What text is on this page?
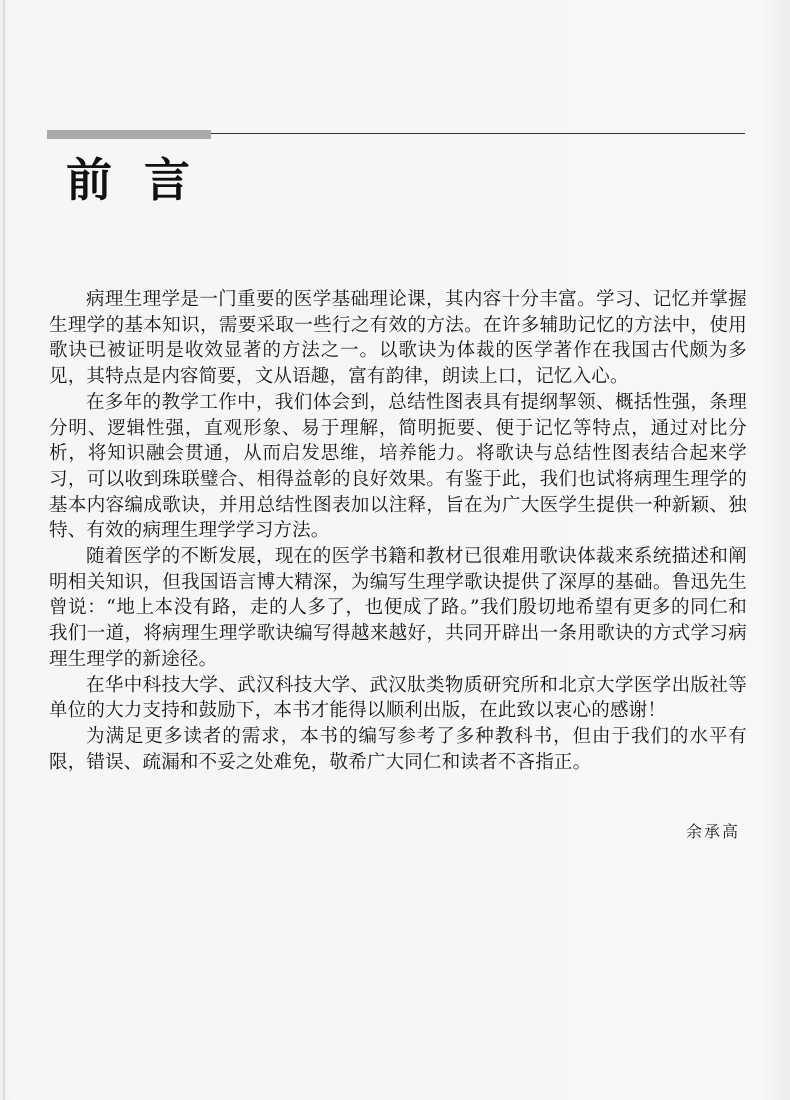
前言

病理生理学是一门重要的医学基础理论课，其内容十分丰富。学习、记忆并掌握生理学的基本知识，需要采取一些行之有效的方法。在许多辅助记忆的方法中，使用歌诀已被证明是收效显著的方法之一。以歌诀为体裁的医学著作在我国古代颇为多见，其特点是内容简要，文从语趣，富有韵律，朗读上口，记忆入心。

在多年的教学工作中，我们体会到，总结性图表具有提纲挈领、概括性强，条理分明、逻辑性强，直观形象、易于理解，简明扼要、便于记忆等特点，通过对比分析，将知识融会贯通，从而启发思维，培养能力。将歌诀与总结性图表结合起来学习，可以收到珠联璧合、相得益彰的良好效果。有鉴于此，我们也试将病理生理学的基本内容编成歌诀，并用总结性图表加以注释，旨在为广大医学生提供一种新颖、独特、有效的病理生理学学习方法。

随着医学的不断发展，现在的医学书籍和教材已很难用歌诀体裁来系统描述和阐明相关知识，但我国语言博大精深，为编写生理学歌诀提供了深厚的基础。鲁迅先生曾说：“地上本没有路，走的人多了，也便成了路。”我们殷切地希望有更多的同仁和我们一道，将病理生理学歌诀编写得越来越好，共同开辟出一条用歌诀的方式学习病理生理学的新途径。

在华中科技大学、武汉科技大学、武汉肽类物质研究所和北京大学医学出版社等单位的大力支持和鼓励下，本书才能得以顺利出版，在此致以衷心的感谢！

为满足更多读者的需求，本书的编写参考了多种教科书，但由于我们的水平有限，错误、疏漏和不妥之处难免，敬希广大同仁和读者不吝指正。

余承高
